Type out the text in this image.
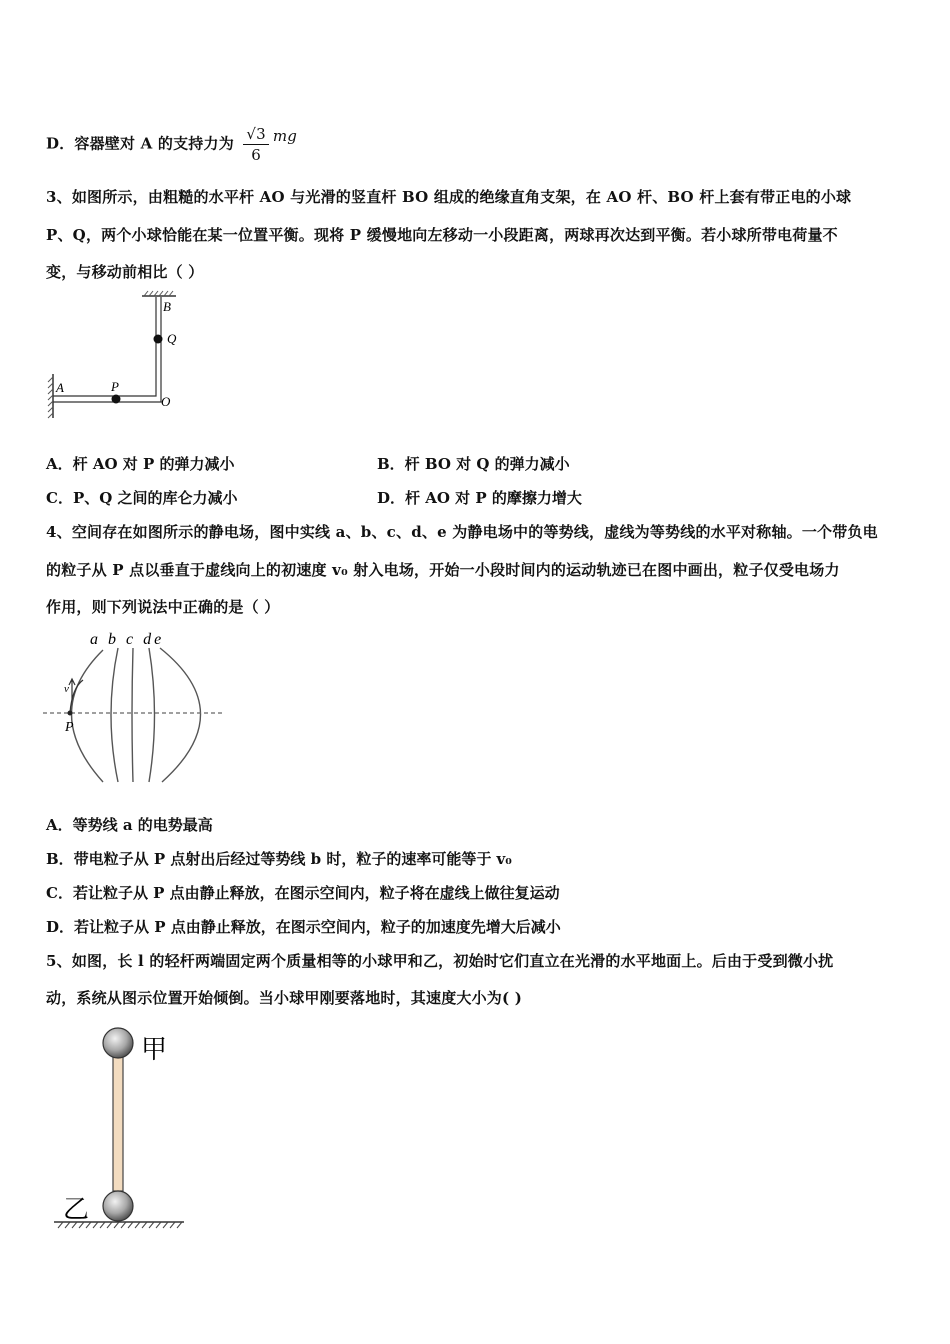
D．容器壁对 A 的支持力为 $\frac{√3}{6}$ mg
3、如图所示，由粗糙的水平杆 AO 与光滑的竖直杆 BO 组成的绝缘直角支架，在 AO 杆、BO 杆上套有带正电的小球
P、Q，两个小球恰能在某一位置平衡。现将 P 缓慢地向左移动一小段距离，两球再次达到平衡。若小球所带电荷量不
变，与移动前相比（ ）
A	P
B
Q
O
A．杆 AO 对 P 的弹力减小	B．杆 BO 对 Q 的弹力减小
C．P、Q 之间的库仑力减小	D．杆 AO 对 P 的摩擦力增大
4、空间存在如图所示的静电场，图中实线 a、b、c、d、e 为静电场中的等势线，虚线为等势线的水平对称轴。一个带负电
的粒子从 P 点以垂直于虚线向上的初速度 v₀ 射入电场，开始一小段时间内的运动轨迹已在图中画出，粒子仅受电场力
作用，则下列说法中正确的是（ ）
a b c de
v
P
A．等势线 a 的电势最高
B．带电粒子从 P 点射出后经过等势线 b 时，粒子的速率可能等于 v₀
C．若让粒子从 P 点由静止释放，在图示空间内，粒子将在虚线上做往复运动
D．若让粒子从 P 点由静止释放，在图示空间内，粒子的加速度先增大后减小
5、如图，长 l 的轻杆两端固定两个质量相等的小球甲和乙，初始时它们直立在光滑的水平地面上。后由于受到微小扰
动，系统从图示位置开始倾倒。当小球甲刚要落地时，其速度大小为( )
甲
乙
